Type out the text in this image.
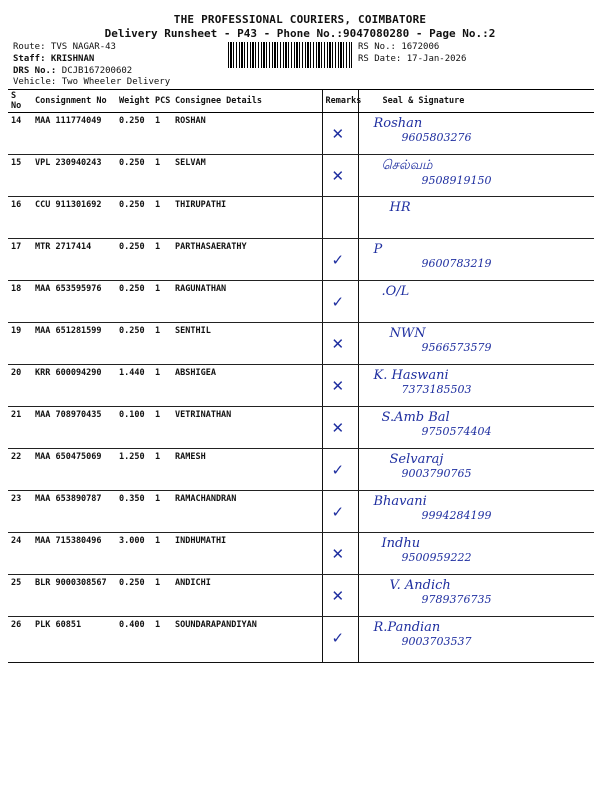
THE PROFESSIONAL COURIERS, COIMBATORE
Delivery Runsheet - P43 - Phone No.:9047080280 - Page No.:2
Route: TVS NAGAR-43
Staff: KRISHNAN
DRS No.: DCJB167200602
Vehicle: Two Wheeler Delivery
RS No.: 1672006
RS Date: 17-Jan-2026
S No	Consignment No	Weight	PCS	Consignee Details	Remarks	Seal & Signature
14	MAA 111774049	0.250	1	ROSHAN	✕	Roshan
9605803276

15	VPL 230940243	0.250	1	SELVAM	✕	செல்வம்
9508919150

16	CCU 911301692	0.250	1	THIRUPATHI		HR

17	MTR 2717414	0.250	1	PARTHASAERATHY	✓	P
9600783219

18	MAA 653595976	0.250	1	RAGUNATHAN	✓	.O/L

19	MAA 651281599	0.250	1	SENTHIL	✕	NWN
9566573579

20	KRR 600094290	1.440	1	ABSHIGEA	✕	K. Haswani
7373185503

21	MAA 708970435	0.100	1	VETRINATHAN	✕	S.Amb Bal
9750574404

22	MAA 650475069	1.250	1	RAMESH	✓	Selvaraj
9003790765

23	MAA 653890787	0.350	1	RAMACHANDRAN	✓	Bhavani
9994284199

24	MAA 715380496	3.000	1	INDHUMATHI	✕	Indhu
9500959222

25	BLR 9000308567	0.250	1	ANDICHI	✕	V. Andich
9789376735

26	PLK 60851	0.400	1	SOUNDARAPANDIYAN	✓	R.Pandian
9003703537
